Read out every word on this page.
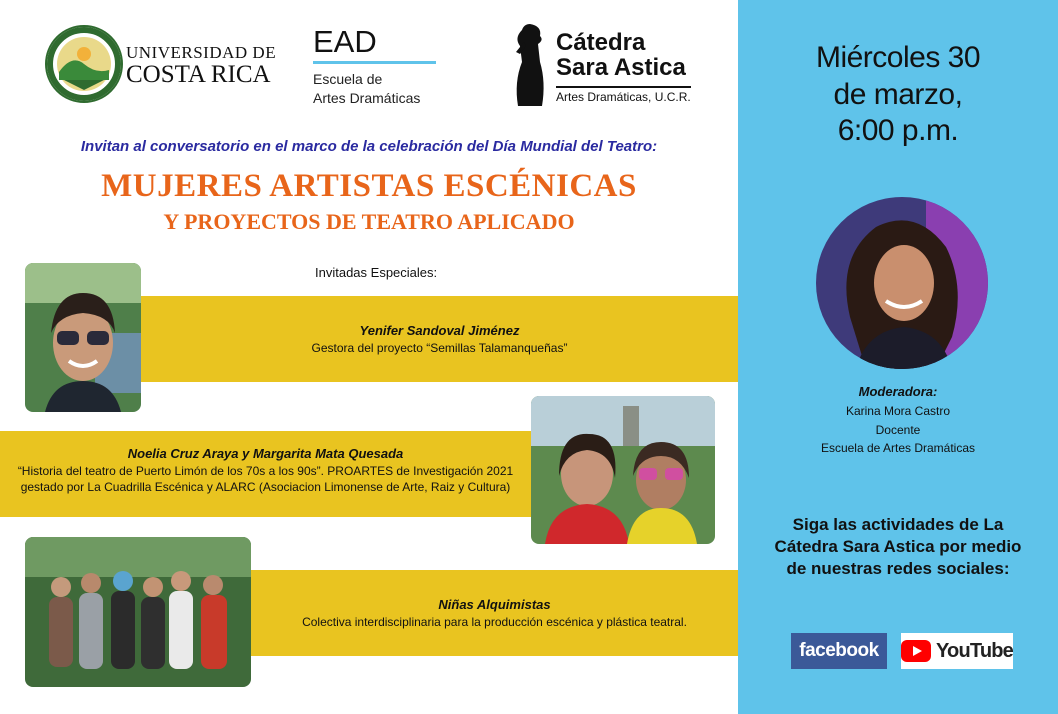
UNIVERSIDAD DE
COSTA RICA
EAD
Escuela de
Artes Dramáticas
Cátedra
Sara Astica
Artes Dramáticas, U.C.R.
Invitan al conversatorio en el marco de la celebración del Día Mundial del Teatro:
MUJERES ARTISTAS ESCÉNICAS
Y PROYECTOS DE TEATRO APLICADO
Invitadas Especiales:
Yenifer Sandoval Jiménez
Gestora del proyecto “Semillas Talamanqueñas”
Noelia Cruz Araya y Margarita Mata Quesada
“Historia del teatro de Puerto Limón de los 70s a los 90s”. PROARTES de Investigación 2021
gestado por La Cuadrilla Escénica y ALARC (Asociacion Limonense de Arte, Raiz y Cultura)
Niñas Alquimistas
Colectiva interdisciplinaria para la producción escénica y plástica teatral.
Miércoles 30
de marzo,
6:00 p.m.
Moderadora:
Karina Mora Castro
Docente
Escuela de Artes Dramáticas
Siga las actividades de La
Cátedra Sara Astica por medio
de nuestras redes sociales:
facebook	YouTube
